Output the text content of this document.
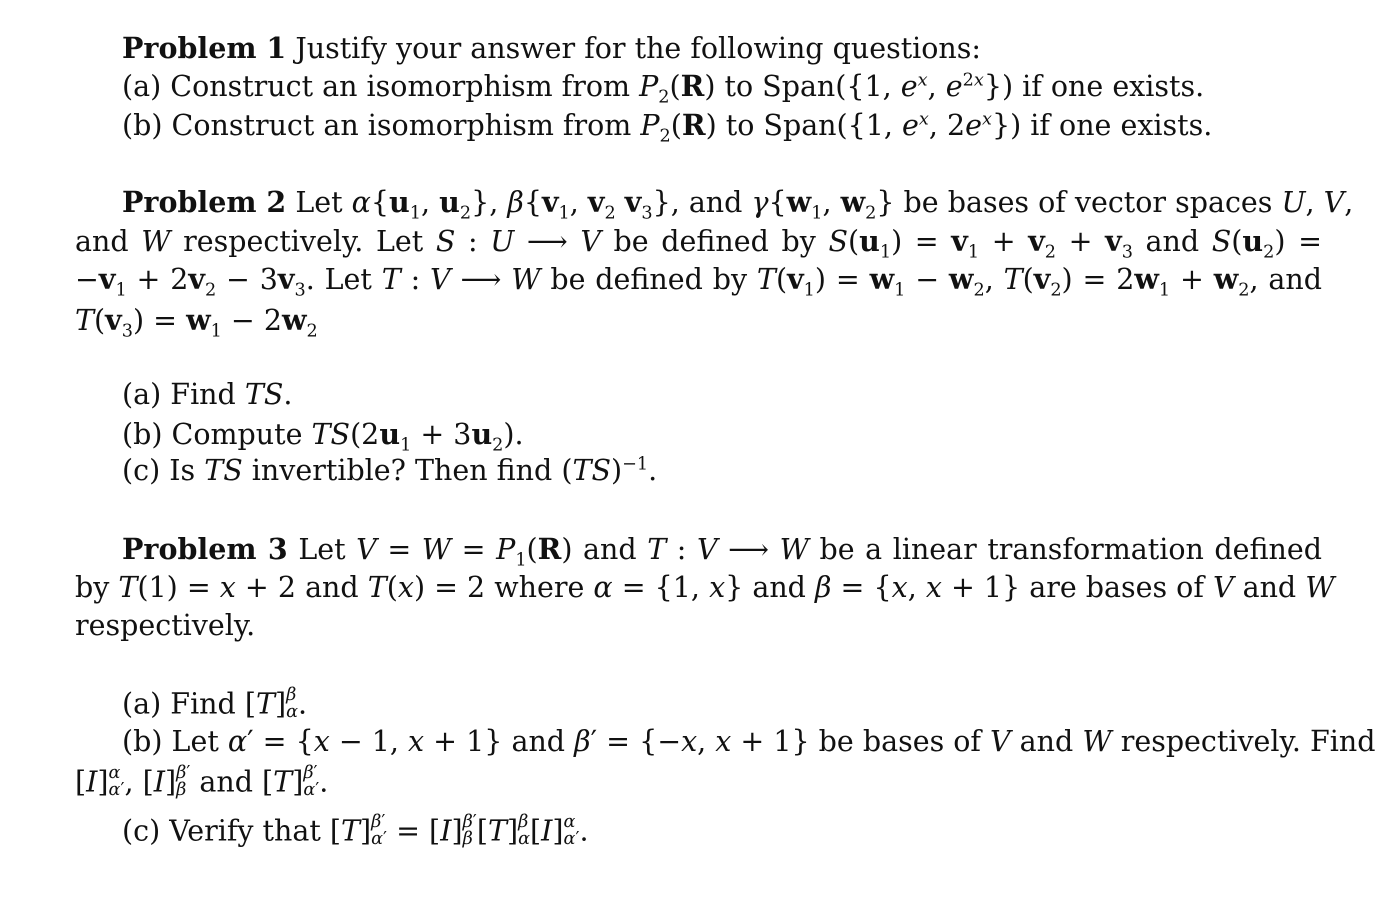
Problem 1 Justify your answer for the following questions:
(a) Construct an isomorphism from $P_2(R)$ to Span({1, $e^x$, $e^{2x}$}) if one exists.
(b) Construct an isomorphism from $P_2(R)$ to Span({1, $e^x$, $2e^x$}) if one exists.
Problem 2 Let $\alpha\{u_1$, $u_2$}, $\beta\{v_1$, $v_2$ $v_3$}, and $\gamma\{w_1$, $w_2$} be bases of vector spaces U, V,
and W respectively. Let S : U ⟶ V be defined by $S(u_1) = v_1 + v_2 + v_3$ and $S(u_2)$ =
$-v_1 + 2v_2 - 3v_3$. Let T : V ⟶ W be defined by $T(v_1) = w_1 - w_2$, $T(v_2) = 2w_1 + w_2$, and
$T(v_3) = w_1 - 2w_2$
(a) Find TS.
(b) Compute $TS(2u_1 + 3u_2)$.
(c) Is TS invertible? Then find (TS)$^{-1}$.
Problem 3 Let $V = W = P_1(R)$ and T : V ⟶ W be a linear transformation defined
by T(1) = x + 2 and T(x) = 2 where α = {1, x} and β = {x, x + 1} are bases of V and W
respectively.
(a) Find [T] β
α .
(b) Let α′ = {x − 1, x + 1} and β′ = {−x, x + 1} be bases of V and W respectively. Find
[I] α
α′ , [I] β′
β and [T] β′
α′ .
(c) Verify that [T] β′
α′ = [I] β′
β [T] β
α [I] α
α′ .
